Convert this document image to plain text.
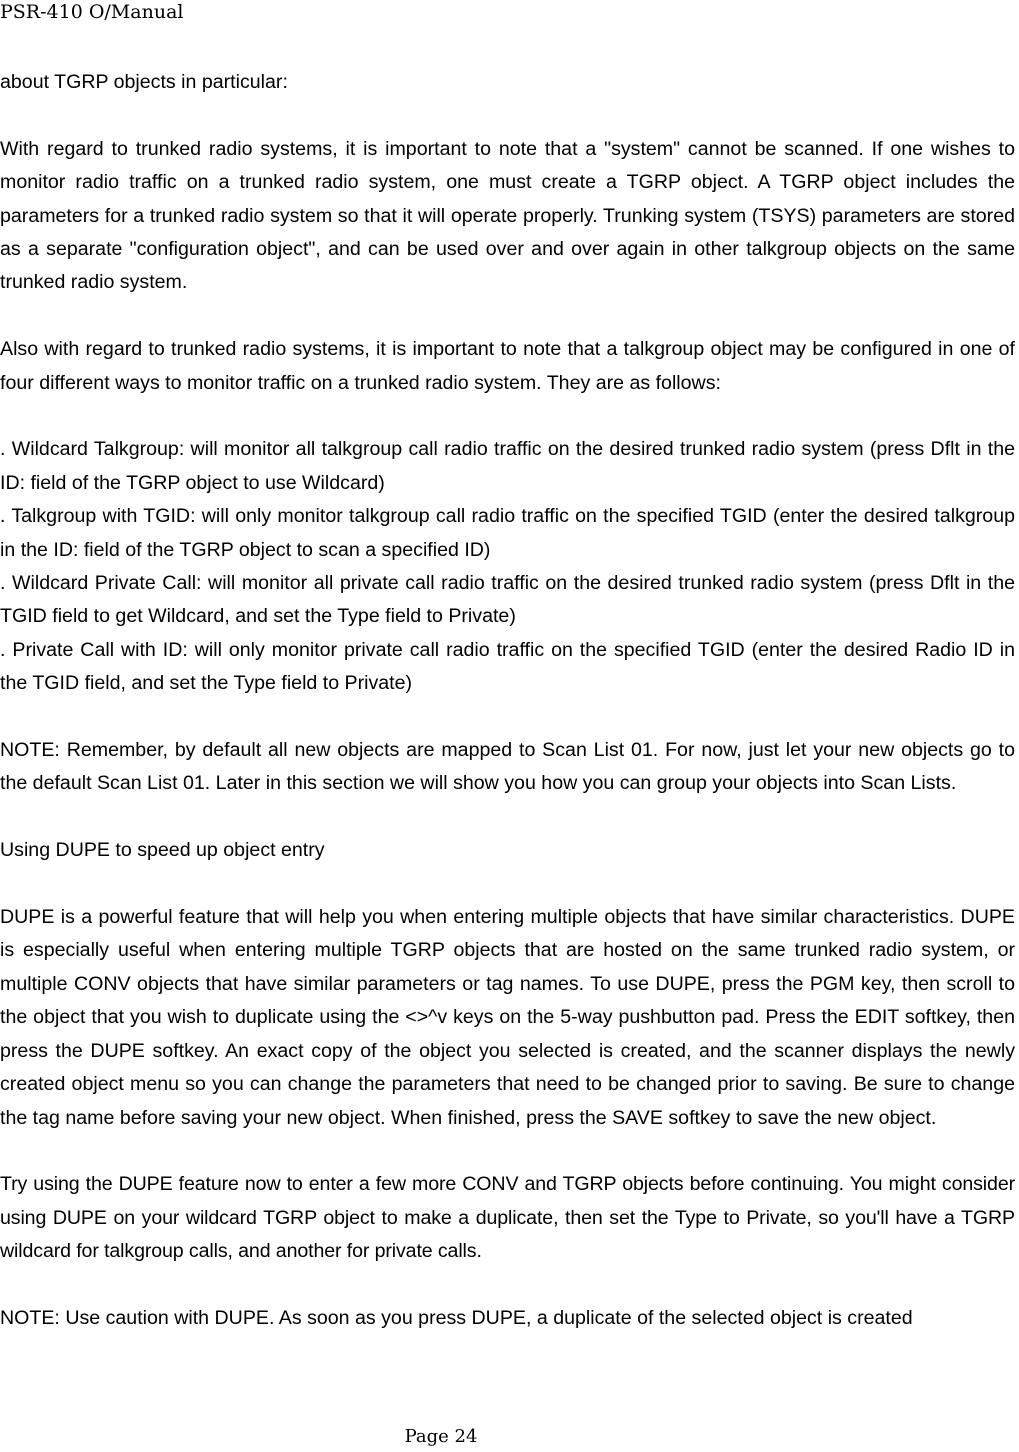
PSR-410 O/Manual

about TGRP objects in particular:

With regard to trunked radio systems, it is important to note that a "system" cannot be scanned. If one wishes to monitor radio traffic on a trunked radio system, one must create a TGRP object. A TGRP object includes the parameters for a trunked radio system so that it will operate properly. Trunking system (TSYS) parameters are stored as a separate "configuration object", and can be used over and over again in other talkgroup objects on the same trunked radio system.

Also with regard to trunked radio systems, it is important to note that a talkgroup object may be configured in one of four different ways to monitor traffic on a trunked radio system. They are as follows:

. Wildcard Talkgroup: will monitor all talkgroup call radio traffic on the desired trunked radio system (press Dflt in the ID: field of the TGRP object to use Wildcard)

. Talkgroup with TGID: will only monitor talkgroup call radio traffic on the specified TGID (enter the desired talkgroup in the ID: field of the TGRP object to scan a specified ID)

. Wildcard Private Call: will monitor all private call radio traffic on the desired trunked radio system (press Dflt in the TGID field to get Wildcard, and set the Type field to Private)

. Private Call with ID: will only monitor private call radio traffic on the specified TGID (enter the desired Radio ID in the TGID field, and set the Type field to Private)

NOTE: Remember, by default all new objects are mapped to Scan List 01. For now, just let your new objects go to the default Scan List 01. Later in this section we will show you how you can group your objects into Scan Lists.

Using DUPE to speed up object entry

DUPE is a powerful feature that will help you when entering multiple objects that have similar characteristics. DUPE is especially useful when entering multiple TGRP objects that are hosted on the same trunked radio system, or multiple CONV objects that have similar parameters or tag names. To use DUPE, press the PGM key, then scroll to the object that you wish to duplicate using the <>^v keys on the 5-way pushbutton pad. Press the EDIT softkey, then press the DUPE softkey. An exact copy of the object you selected is created, and the scanner displays the newly created object menu so you can change the parameters that need to be changed prior to saving. Be sure to change the tag name before saving your new object. When finished, press the SAVE softkey to save the new object.

Try using the DUPE feature now to enter a few more CONV and TGRP objects before continuing. You might consider using DUPE on your wildcard TGRP object to make a duplicate, then set the Type to Private, so you'll have a TGRP wildcard for talkgroup calls, and another for private calls.

NOTE: Use caution with DUPE. As soon as you press DUPE, a duplicate of the selected object is created

Page 24
